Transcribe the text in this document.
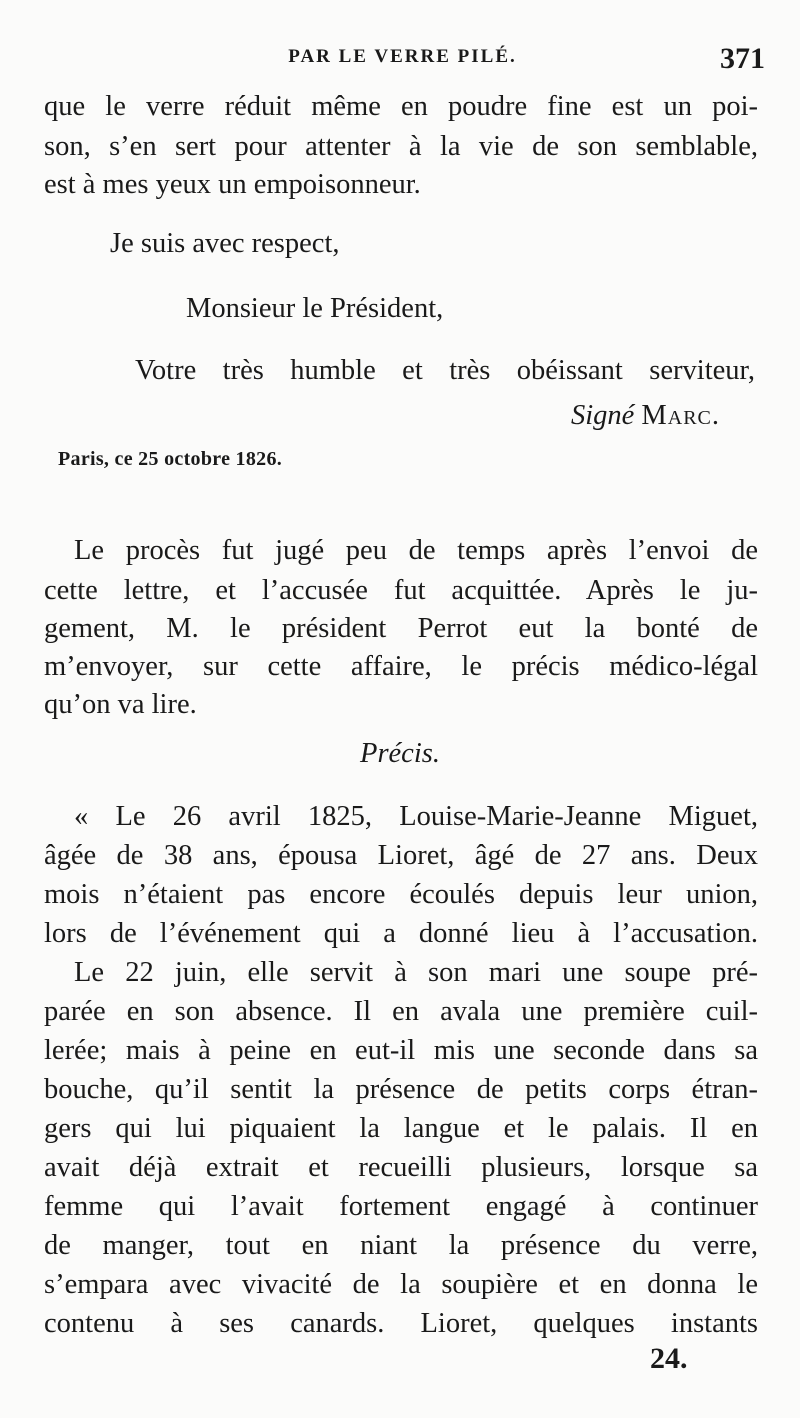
PAR LE VERRE PILÉ.	371
que le verre réduit même en poudre fine est un poi-
son, s’en sert pour attenter à la vie de son semblable,
est à mes yeux un empoisonneur.
Je suis avec respect,
Monsieur le Président,
Votre très humble et très obéissant serviteur,
Signé Marc.
Paris, ce 25 octobre 1826.
Le procès fut jugé peu de temps après l’envoi de
cette lettre, et l’accusée fut acquittée. Après le ju-
gement, M. le président Perrot eut la bonté de
m’envoyer, sur cette affaire, le précis médico-légal
qu’on va lire.
Précis.
« Le 26 avril 1825, Louise-Marie-Jeanne Miguet,
âgée de 38 ans, épousa Lioret, âgé de 27 ans. Deux
mois n’étaient pas encore écoulés depuis leur union,
lors de l’événement qui a donné lieu à l’accusation.
Le 22 juin, elle servit à son mari une soupe pré-
parée en son absence. Il en avala une première cuil-
lerée; mais à peine en eut-il mis une seconde dans sa
bouche, qu’il sentit la présence de petits corps étran-
gers qui lui piquaient la langue et le palais. Il en
avait déjà extrait et recueilli plusieurs, lorsque sa
femme qui l’avait fortement engagé à continuer
de manger, tout en niant la présence du verre,
s’empara avec vivacité de la soupière et en donna le
contenu à ses canards. Lioret, quelques instants
24.
